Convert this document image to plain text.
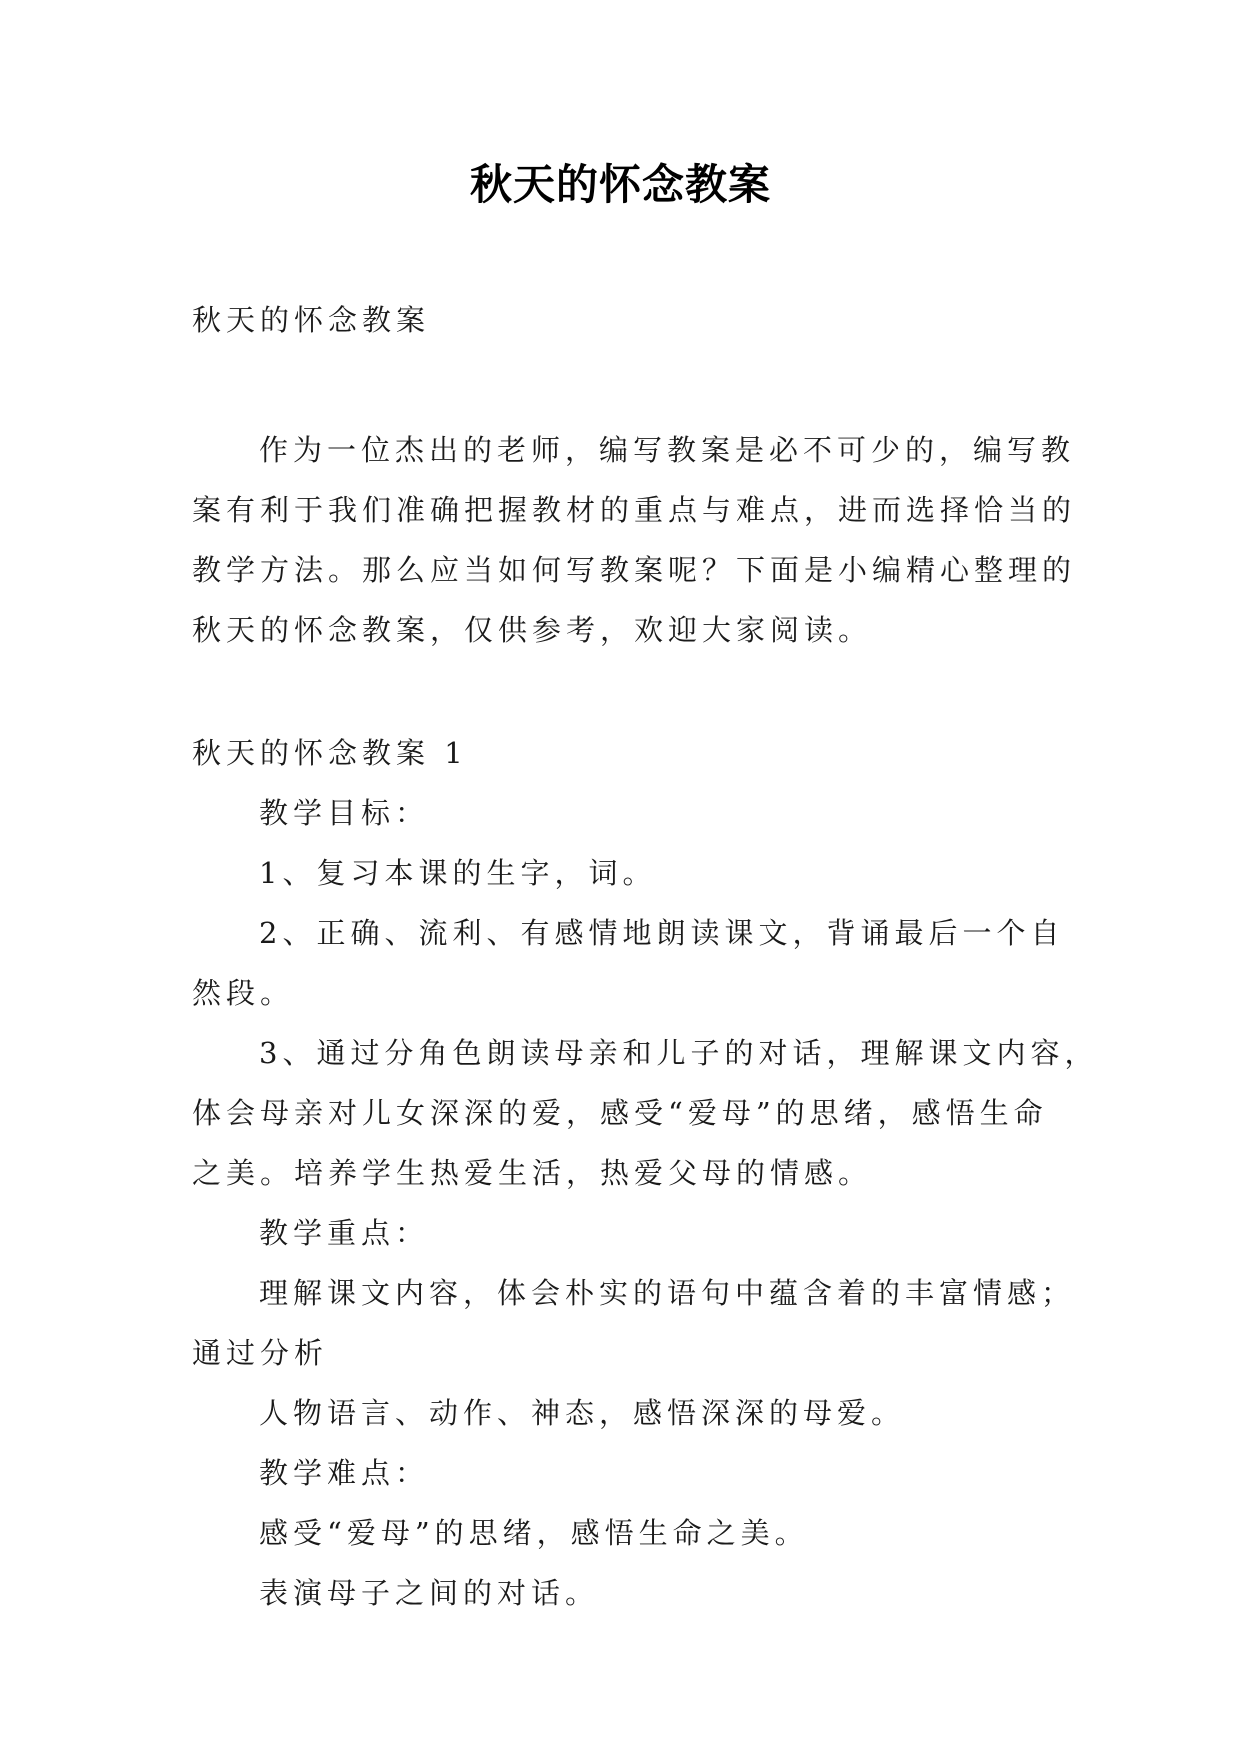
秋天的怀念教案
秋天的怀念教案
作为一位杰出的老师，编写教案是必不可少的，编写教
案有利于我们准确把握教材的重点与难点，进而选择恰当的
教学方法。那么应当如何写教案呢？下面是小编精心整理的
秋天的怀念教案，仅供参考，欢迎大家阅读。
秋天的怀念教案 1
教学目标：
1、复习本课的生字，词。
2、正确、流利、有感情地朗读课文，背诵最后一个自
然段。
3、通过分角色朗读母亲和儿子的对话，理解课文内容，
体会母亲对儿女深深的爱，感受“爱母”的思绪，感悟生命
之美。培养学生热爱生活，热爱父母的情感。
教学重点：
理解课文内容，体会朴实的语句中蕴含着的丰富情感；
通过分析
人物语言、动作、神态，感悟深深的母爱。
教学难点：
感受“爱母”的思绪，感悟生命之美。
表演母子之间的对话。
